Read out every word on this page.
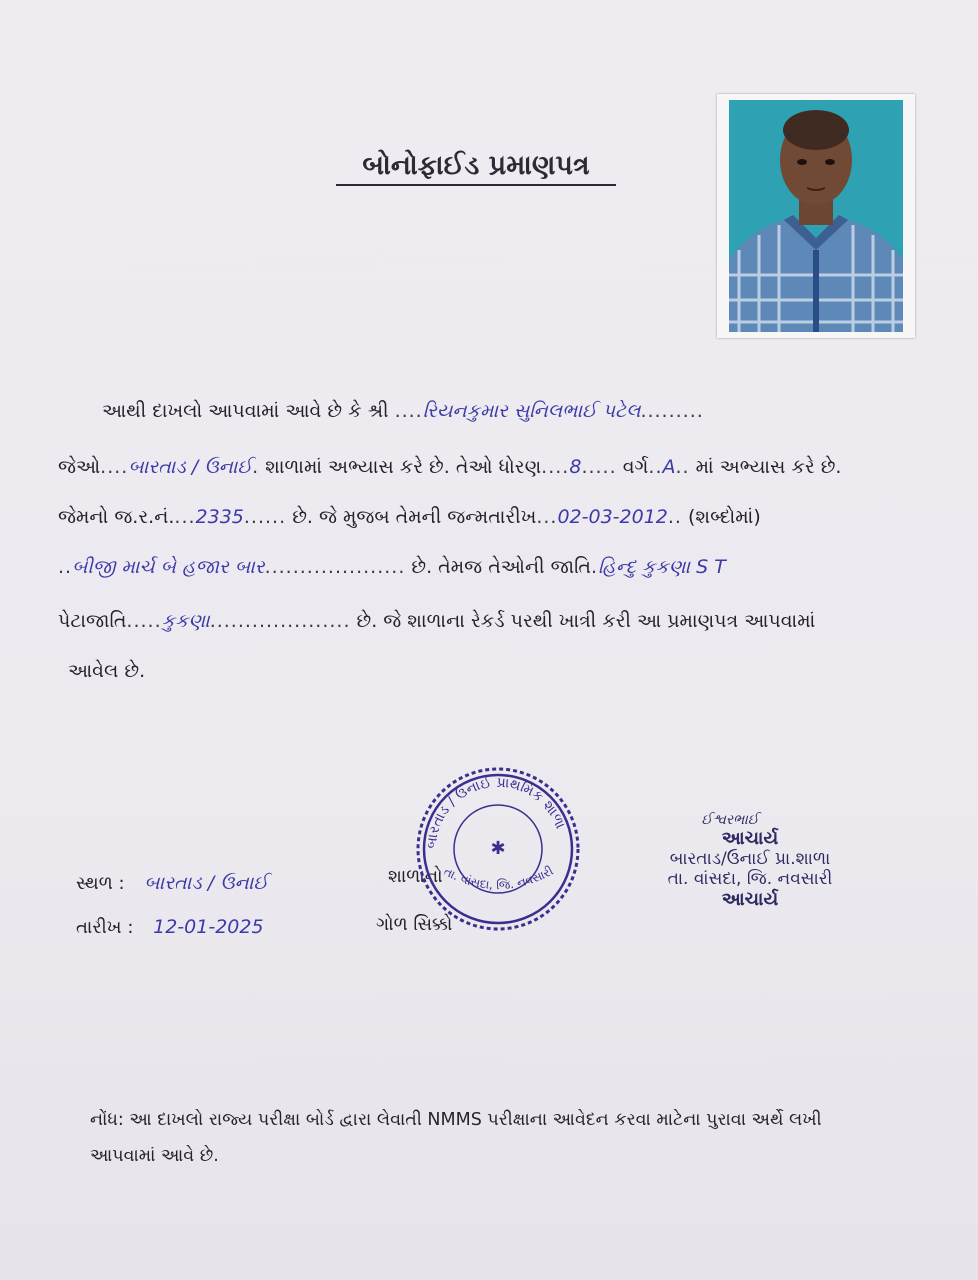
બોનોફાઈડ પ્રમાણપત્ર
આથી દાખલો આપવામાં આવે છે કે શ્રી ....રિયનકુમાર સુનિલભાઈ પટેલ.........
જેઓ....બારતાડ / ઉનાઈ. શાળામાં અભ્યાસ કરે છે. તેઓ ધોરણ....8..... વર્ગ..A.. માં અભ્યાસ કરે છે.
જેમનો જ.ર.નં....2335...... છે. જે મુજબ તેમની જન્મતારીખ...02-03-2012.. (શબ્દોમાં)
..બીજી માર્ચ બે હજાર બાર.................... છે. તેમજ તેઓની જાતિ.હિન્દુ કુકણા S T
પેટાજાતિ.....કુકણા.................... છે. જે શાળાના રેકર્ડ પરથી ખાત્રી કરી આ પ્રમાણપત્ર આપવામાં
આવેલ છે.
સ્થળ : બારતાડ / ઉનાઈ
તારીખ : 12-01-2025
શાળાનો
ગોળ સિક્કો
બારતાડ / ઉનાઈ પ્રાથમિક શાળા
તા. વાંસદા, જિ. નવસારી
✱
ઈશ્વરભાઈ
આચાર્ય
બારતાડ/ઉનાઈ પ્રા.શાળા
તા. વાંસદા, જિ. નવસારી
આચાર્ય
નોંધ: આ દાખલો રાજ્ય પરીક્ષા બોર્ડ દ્વારા લેવાતી NMMS પરીક્ષાના આવેદન કરવા માટેના પુરાવા અર્થે લખી
આપવામાં આવે છે.
